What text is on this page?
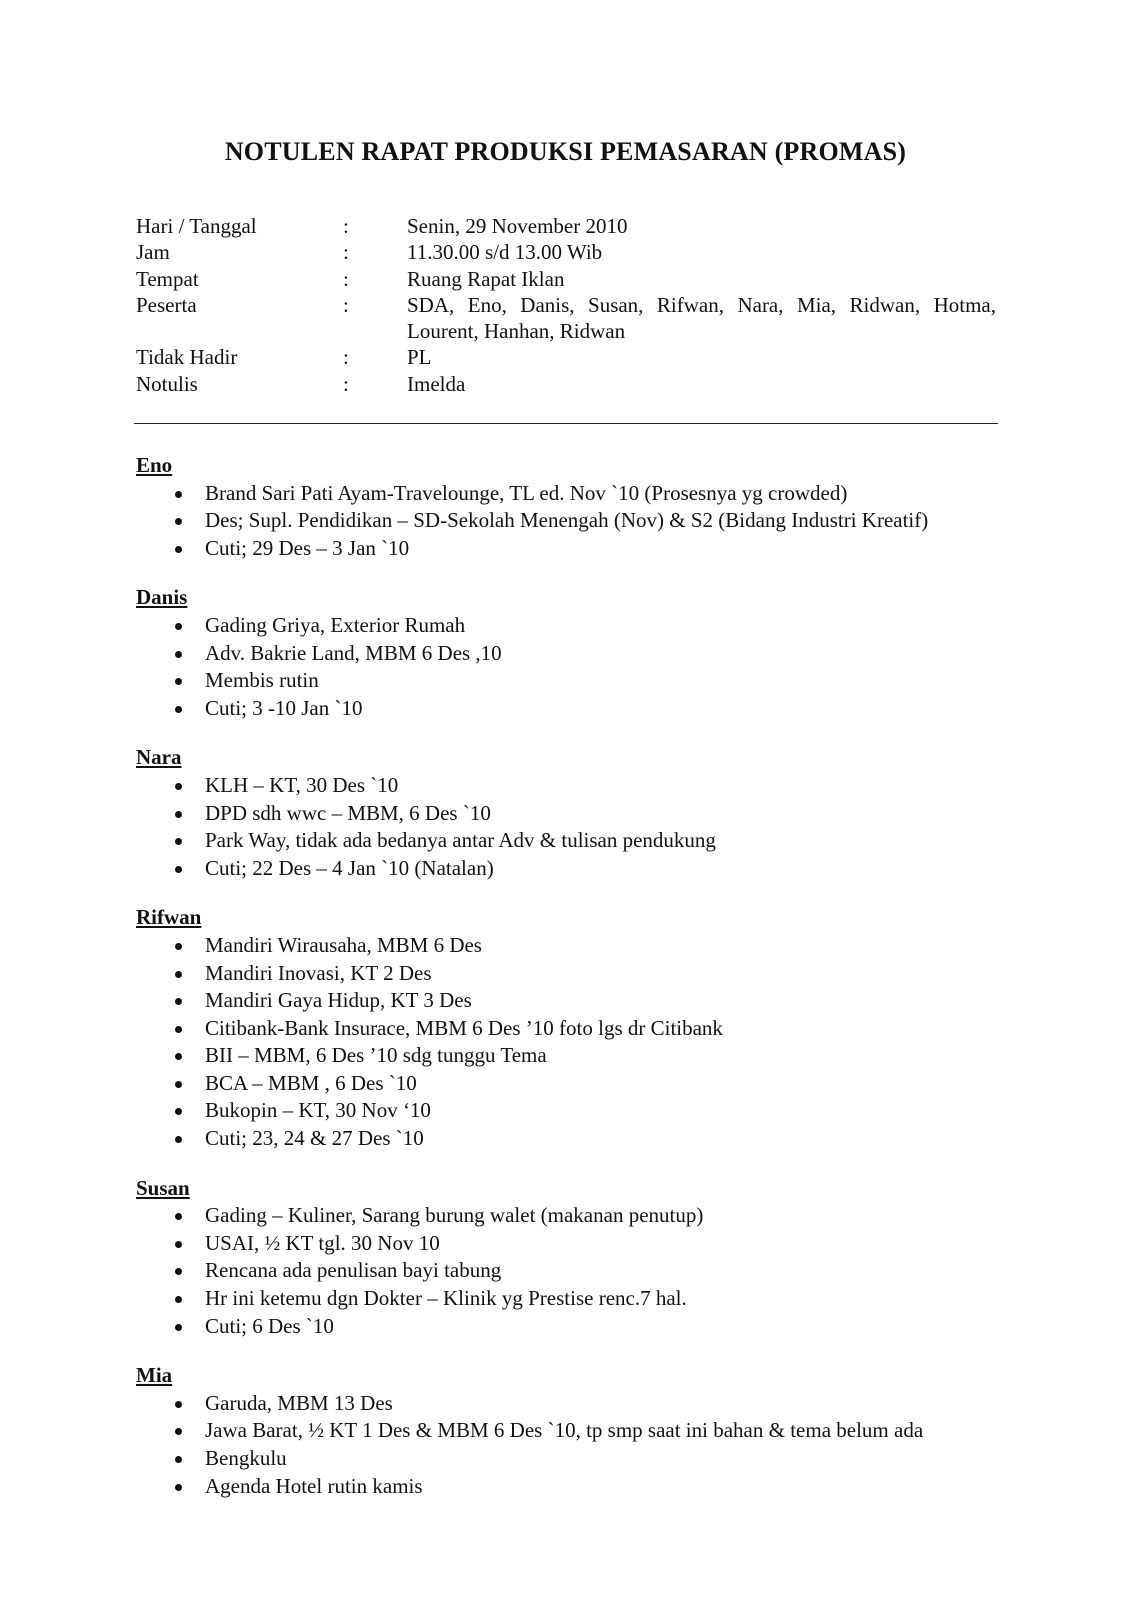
NOTULEN RAPAT PRODUKSI PEMASARAN (PROMAS)
Hari / Tanggal	:	Senin, 29 November 2010
Jam	:	11.30.00 s/d 13.00 Wib
Tempat	:	Ruang Rapat Iklan
Peserta	:	SDA, Eno, Danis, Susan, Rifwan, Nara, Mia, Ridwan, Hotma, Lourent, Hanhan, Ridwan
Tidak Hadir	:	PL
Notulis	:	Imelda
Eno
Brand Sari Pati Ayam-Travelounge, TL ed. Nov `10 (Prosesnya yg crowded)
Des; Supl. Pendidikan – SD-Sekolah Menengah (Nov) & S2 (Bidang Industri Kreatif)
Cuti; 29 Des – 3 Jan `10
Danis
Gading Griya, Exterior Rumah
Adv. Bakrie Land, MBM 6 Des ,10
Membis rutin
Cuti; 3 -10 Jan `10
Nara
KLH – KT, 30 Des `10
DPD sdh wwc – MBM, 6 Des `10
Park Way, tidak ada bedanya antar Adv & tulisan pendukung
Cuti; 22 Des – 4 Jan `10 (Natalan)
Rifwan
Mandiri Wirausaha, MBM 6 Des
Mandiri Inovasi, KT 2 Des
Mandiri Gaya Hidup, KT 3 Des
Citibank-Bank Insurace, MBM 6 Des ’10 foto lgs dr Citibank
BII – MBM, 6 Des ’10 sdg tunggu Tema
BCA – MBM , 6 Des `10
Bukopin – KT, 30 Nov ‘10
Cuti; 23, 24 & 27 Des `10
Susan
Gading – Kuliner, Sarang burung walet (makanan penutup)
USAI, ½ KT tgl. 30 Nov 10
Rencana ada penulisan bayi tabung
Hr ini ketemu dgn Dokter – Klinik yg Prestise renc.7 hal.
Cuti; 6 Des `10
Mia
Garuda, MBM 13 Des
Jawa Barat, ½ KT 1 Des & MBM 6 Des `10, tp smp saat ini bahan & tema belum ada
Bengkulu
Agenda Hotel rutin kamis
